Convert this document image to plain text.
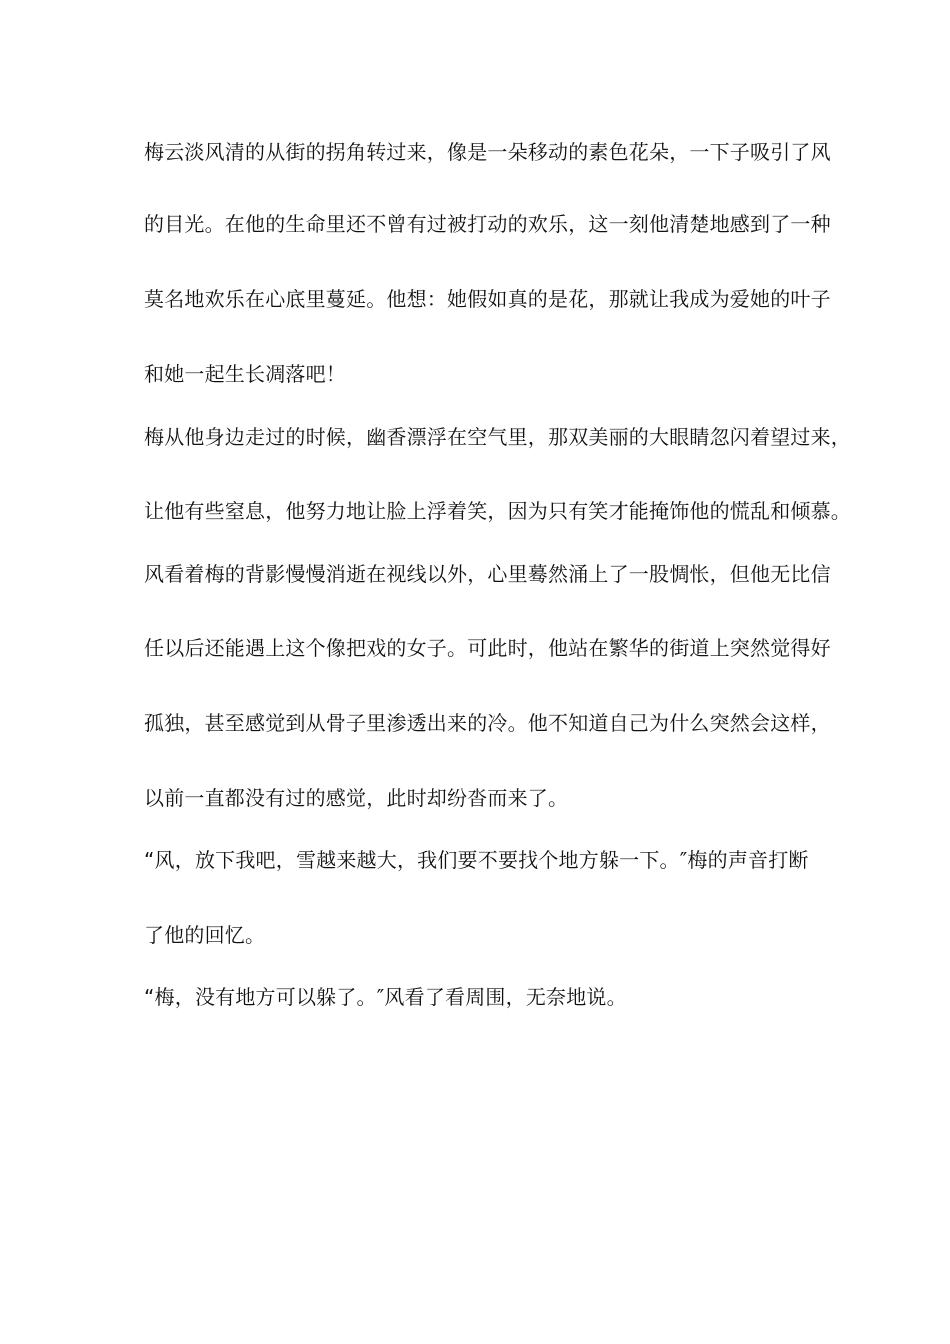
梅云淡风清的从街的拐角转过来，像是一朵移动的素色花朵，一下子吸引了风
的目光。在他的生命里还不曾有过被打动的欢乐，这一刻他清楚地感到了一种
莫名地欢乐在心底里蔓延。他想：她假如真的是花，那就让我成为爱她的叶子
和她一起生长凋落吧！
梅从他身边走过的时候，幽香漂浮在空气里，那双美丽的大眼睛忽闪着望过来，
让他有些窒息，他努力地让脸上浮着笑，因为只有笑才能掩饰他的慌乱和倾慕。
风看着梅的背影慢慢消逝在视线以外，心里蓦然涌上了一股惆怅，但他无比信
任以后还能遇上这个像把戏的女子。可此时，他站在繁华的街道上突然觉得好
孤独，甚至感觉到从骨子里渗透出来的冷。他不知道自己为什么突然会这样，
以前一直都没有过的感觉，此时却纷沓而来了。
“风，放下我吧，雪越来越大，我们要不要找个地方躲一下。″梅的声音打断
了他的回忆。
“梅，没有地方可以躲了。″风看了看周围，无奈地说。
